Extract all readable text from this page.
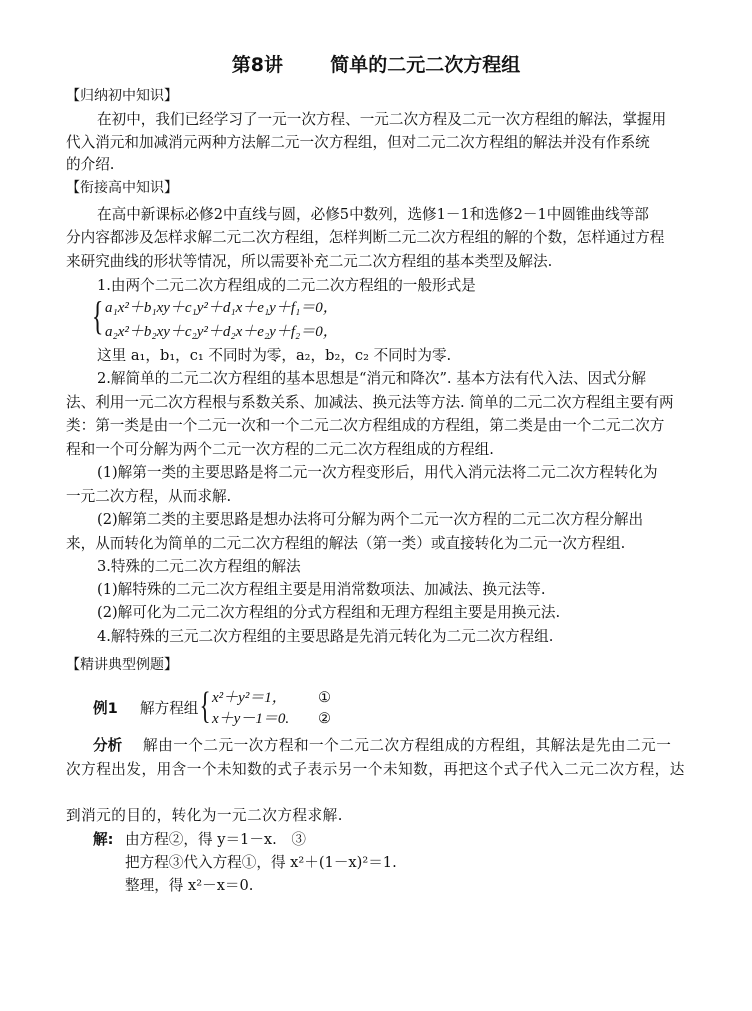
第8讲 简单的二元二次方程组
【归纳初中知识】
在初中，我们已经学习了一元一次方程、一元二次方程及二元一次方程组的解法，掌握用
代入消元和加减消元两种方法解二元一次方程组，但对二元二次方程组的解法并没有作系统
的介绍.
【衔接高中知识】
在高中新课标必修2中直线与圆，必修5中数列，选修1－1和选修2－1中圆锥曲线等部
分内容都涉及怎样求解二元二次方程组，怎样判断二元二次方程组的解的个数，怎样通过方程
来研究曲线的形状等情况，所以需要补充二元二次方程组的基本类型及解法.
1.由两个二元二次方程组成的二元二次方程组的一般形式是
{ a₁x²＋b₁xy＋c₁y²＋d₁x＋e₁y＋f₁＝0，
a₂x²＋b₂xy＋c₂y²＋d₂x＋e₂y＋f₂＝0，
这里 a₁，b₁，c₁ 不同时为零，a₂，b₂，c₂ 不同时为零.
2.解简单的二元二次方程组的基本思想是“消元和降次”. 基本方法有代入法、因式分解
法、利用一元二次方程根与系数关系、加减法、换元法等方法. 简单的二元二次方程组主要有两
类：第一类是由一个二元一次和一个二元二次方程组成的方程组，第二类是由一个二元二次方
程和一个可分解为两个二元一次方程的二元二次方程组成的方程组.
(1)解第一类的主要思路是将二元一次方程变形后，用代入消元法将二元二次方程转化为
一元二次方程，从而求解.
(2)解第二类的主要思路是想办法将可分解为两个二元一次方程的二元二次方程分解出
来，从而转化为简单的二元二次方程组的解法（第一类）或直接转化为二元一次方程组.
3.特殊的二元二次方程组的解法
(1)解特殊的二元二次方程组主要是用消常数项法、加减法、换元法等.
(2)解可化为二元二次方程组的分式方程组和无理方程组主要是用换元法.
4.解特殊的三元二次方程组的主要思路是先消元转化为二元二次方程组.
【精讲典型例题】
例1 解方程组 { x²＋y²＝1， ①
x＋y－1＝0. ②
分析 解由一个二元一次方程和一个二元二次方程组成的方程组，其解法是先由二元一
次方程出发，用含一个未知数的式子表示另一个未知数，再把这个式子代入二元二次方程，达
到消元的目的，转化为一元二次方程求解.
解: 由方程②，得 y＝1－x.　③
把方程③代入方程①，得 x²＋(1－x)²＝1.
整理，得 x²－x＝0.
